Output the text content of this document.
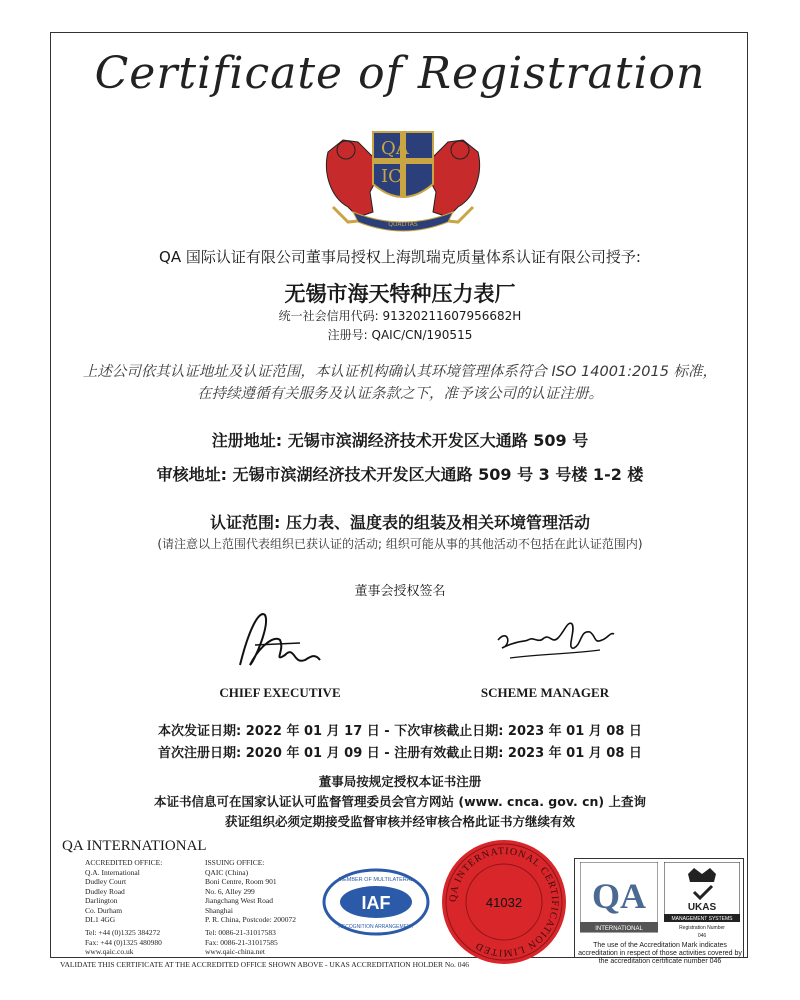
Certificate of Registration
QA
IC
QUALITAS
QA 国际认证有限公司董事局授权上海凯瑞克质量体系认证有限公司授予:
无锡市海天特种压力表厂
统一社会信用代码: 91320211607956682H
注册号: QAIC/CN/190515
上述公司依其认证地址及认证范围，本认证机构确认其环境管理体系符合 ISO 14001:2015 标准，
在持续遵循有关服务及认证条款之下，准予该公司的认证注册。
注册地址: 无锡市滨湖经济技术开发区大通路 509 号
审核地址: 无锡市滨湖经济技术开发区大通路 509 号 3 号楼 1-2 楼
认证范围: 压力表、温度表的组装及相关环境管理活动
(请注意以上范围代表组织已获认证的活动; 组织可能从事的其他活动不包括在此认证范围内)
董事会授权签名
CHIEF EXECUTIVE	SCHEME MANAGER
本次发证日期: 2022 年 01 月 17 日 - 下次审核截止日期: 2023 年 01 月 08 日
首次注册日期: 2020 年 01 月 09 日 - 注册有效截止日期: 2023 年 01 月 08 日
董事局按规定授权本证书注册
本证书信息可在国家认证认可监督管理委员会官方网站 (www. cnca. gov. cn) 上查询
获证组织必须定期接受监督审核并经审核合格此证书方继续有效
QA INTERNATIONAL
ACCREDITED OFFICE:
Q.A. International
Dudley Court
Dudley Road
Darlington
Co. Durham
DL1 4GG
Tel: +44 (0)1325 384272
Fax: +44 (0)1325 480980
www.qaic.co.uk
ISSUING OFFICE:
QAIC (China)
Boni Centre, Room 901
No. 6, Alley 299
Jiangchang West Road
Shanghai
P. R. China, Postcode: 200072
Tel: 0086-21-31017583
Fax: 0086-21-31017585
www.qaic-china.net
IAF
MEMBER OF MULTILATERAL
RECOGNITION ARRANGEMENT
QA INTERNATIONAL CERTIFICATION LIMITED
41032 QA
INTERNATIONAL
UKAS
MANAGEMENT SYSTEMS
Registration Number
046
The use of the Accreditation Mark indicates accreditation in respect of those activities covered by the accreditation certificate number 046
VALIDATE THIS CERTIFICATE AT THE ACCREDITED OFFICE SHOWN ABOVE - UKAS ACCREDITATION HOLDER No. 046
